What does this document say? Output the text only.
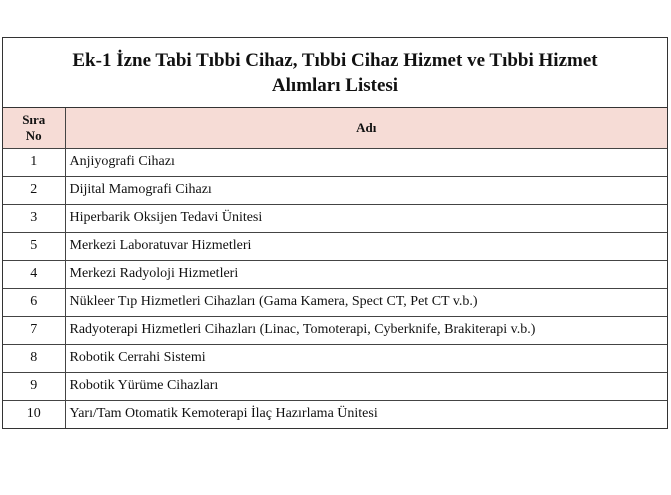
Ek-1 İzne Tabi Tıbbi Cihaz, Tıbbi Cihaz Hizmet ve Tıbbi Hizmet
Alımları Listesi
Sıra
No	Adı
1	Anjiyografi Cihazı
2	Dijital Mamografi Cihazı
3	Hiperbarik Oksijen Tedavi Ünitesi
5	Merkezi Laboratuvar Hizmetleri
4	Merkezi Radyoloji Hizmetleri
6	Nükleer Tıp Hizmetleri Cihazları (Gama Kamera, Spect CT, Pet CT v.b.)
7	Radyoterapi Hizmetleri Cihazları (Linac, Tomoterapi, Cyberknife, Brakiterapi v.b.)
8	Robotik Cerrahi Sistemi
9	Robotik Yürüme Cihazları
10	Yarı/Tam Otomatik Kemoterapi İlaç Hazırlama Ünitesi
